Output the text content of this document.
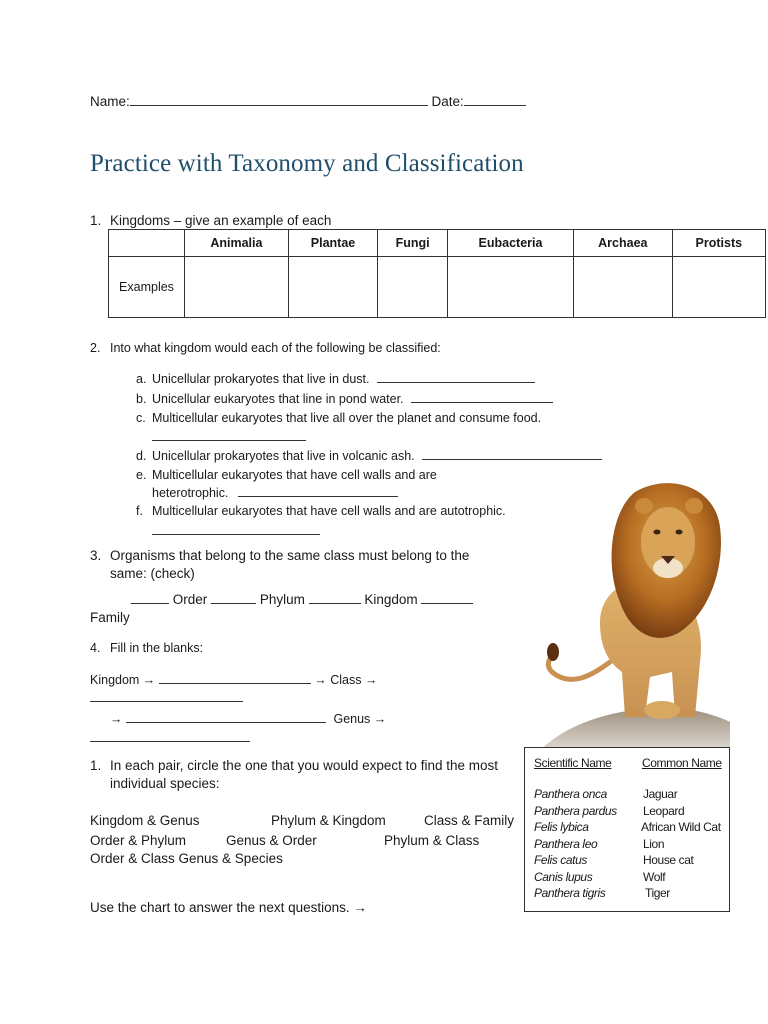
Name:	Date:
Practice with Taxonomy and Classification
1. Kingdoms – give an example of each
	Animalia	Plantae	Fungi	Eubacteria	Archaea	Protists
Examples						
2. Into what kingdom would each of the following be classified:
a. Unicellular prokaryotes that live in dust.
b. Unicellular eukaryotes that line in pond water.
c. Multicellular eukaryotes that live all over the planet and consume food.
d. Unicellular prokaryotes that live in volcanic ash.
e. Multicellular eukaryotes that have cell walls and are
heterotrophic.
f. Multicellular eukaryotes that have cell walls and are autotrophic.
3. Organisms that belong to the same class must belong to the
same: (check)
Order	Phylum	Kingdom
Family
4. Fill in the blanks:
Kingdom →	→ Class →
→	Genus →
1. In each pair, circle the one that you would expect to find the most
individual species:
Kingdom & Genus	Phylum & Kingdom	Class & Family
Order & Phylum	Genus & Order	Phylum & Class
Order & Class Genus & Species
Use the chart to answer the next questions. →
Scientific Name	Common Name
Panthera onca	Jaguar
Panthera pardus Leopard
Felis lybica	African Wild Cat
Panthera leo	Lion
Felis catus	House cat
Canis lupus	Wolf
Panthera tigris	Tiger
